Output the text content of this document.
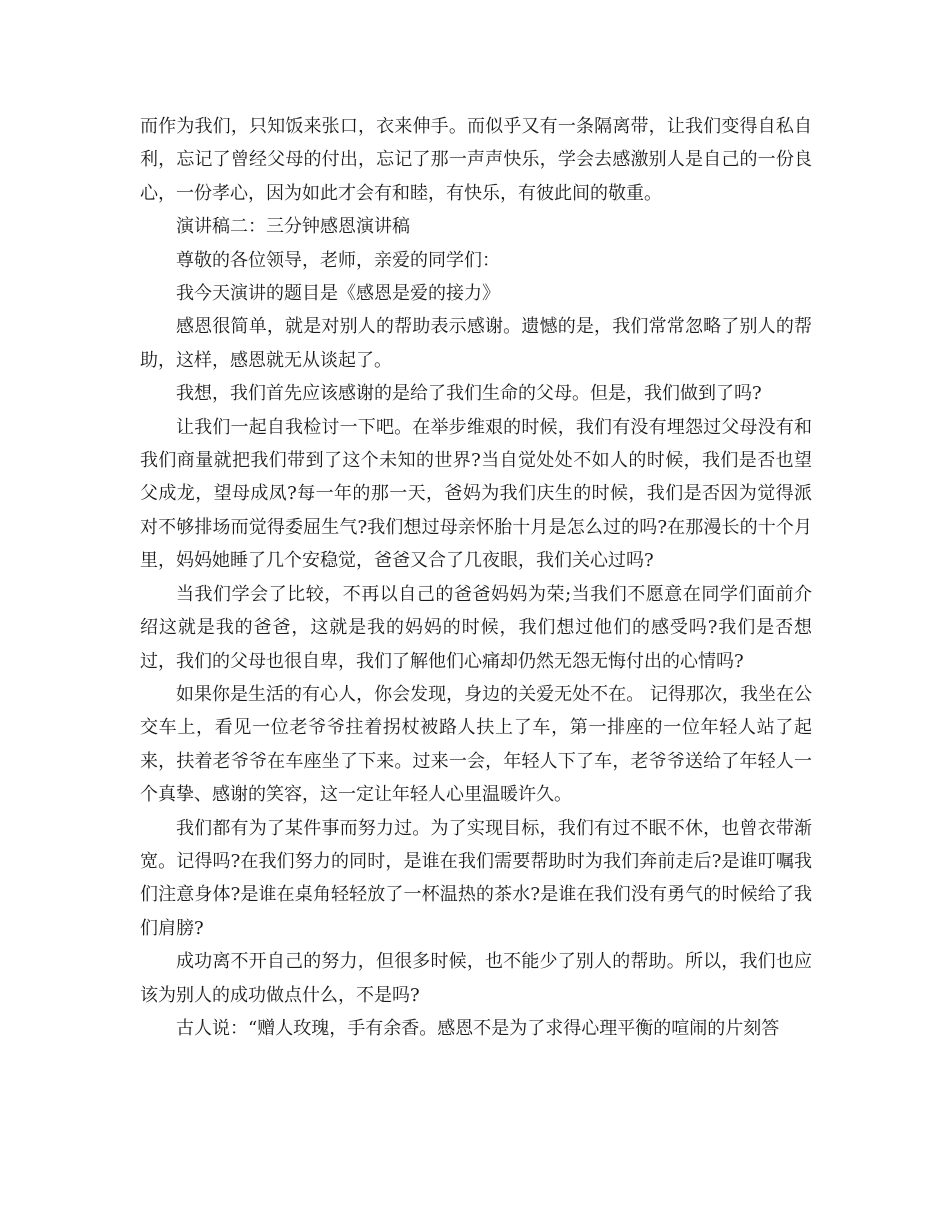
而作为我们，只知饭来张口，衣来伸手。而似乎又有一条隔离带，让我们变得自私自利，忘记了曾经父母的付出，忘记了那一声声快乐，学会去感激别人是自己的一份良心，一份孝心，因为如此才会有和睦，有快乐，有彼此间的敬重。

演讲稿二：三分钟感恩演讲稿

尊敬的各位领导，老师，亲爱的同学们：

我今天演讲的题目是《感恩是爱的接力》

感恩很简单，就是对别人的帮助表示感谢。遗憾的是，我们常常忽略了别人的帮助，这样，感恩就无从谈起了。

我想，我们首先应该感谢的是给了我们生命的父母。但是，我们做到了吗?

让我们一起自我检讨一下吧。在举步维艰的时候，我们有没有埋怨过父母没有和我们商量就把我们带到了这个未知的世界?当自觉处处不如人的时候，我们是否也望父成龙，望母成凤?每一年的那一天，爸妈为我们庆生的时候，我们是否因为觉得派对不够排场而觉得委屈生气?我们想过母亲怀胎十月是怎么过的吗?在那漫长的十个月里，妈妈她睡了几个安稳觉，爸爸又合了几夜眼，我们关心过吗?

当我们学会了比较，不再以自己的爸爸妈妈为荣;当我们不愿意在同学们面前介绍这就是我的爸爸，这就是我的妈妈的时候，我们想过他们的感受吗?我们是否想过，我们的父母也很自卑，我们了解他们心痛却仍然无怨无悔付出的心情吗?

如果你是生活的有心人，你会发现，身边的关爱无处不在。 记得那次，我坐在公交车上，看见一位老爷爷拄着拐杖被路人扶上了车，第一排座的一位年轻人站了起来，扶着老爷爷在车座坐了下来。过来一会，年轻人下了车，老爷爷送给了年轻人一个真挚、感谢的笑容，这一定让年轻人心里温暖许久。

我们都有为了某件事而努力过。为了实现目标，我们有过不眠不休，也曾衣带渐宽。记得吗?在我们努力的同时，是谁在我们需要帮助时为我们奔前走后?是谁叮嘱我们注意身体?是谁在桌角轻轻放了一杯温热的茶水?是谁在我们没有勇气的时候给了我们肩膀?

成功离不开自己的努力，但很多时候，也不能少了别人的帮助。所以，我们也应该为别人的成功做点什么，不是吗?

古人说：“赠人玫瑰，手有余香。感恩不是为了求得心理平衡的喧闹的片刻答
